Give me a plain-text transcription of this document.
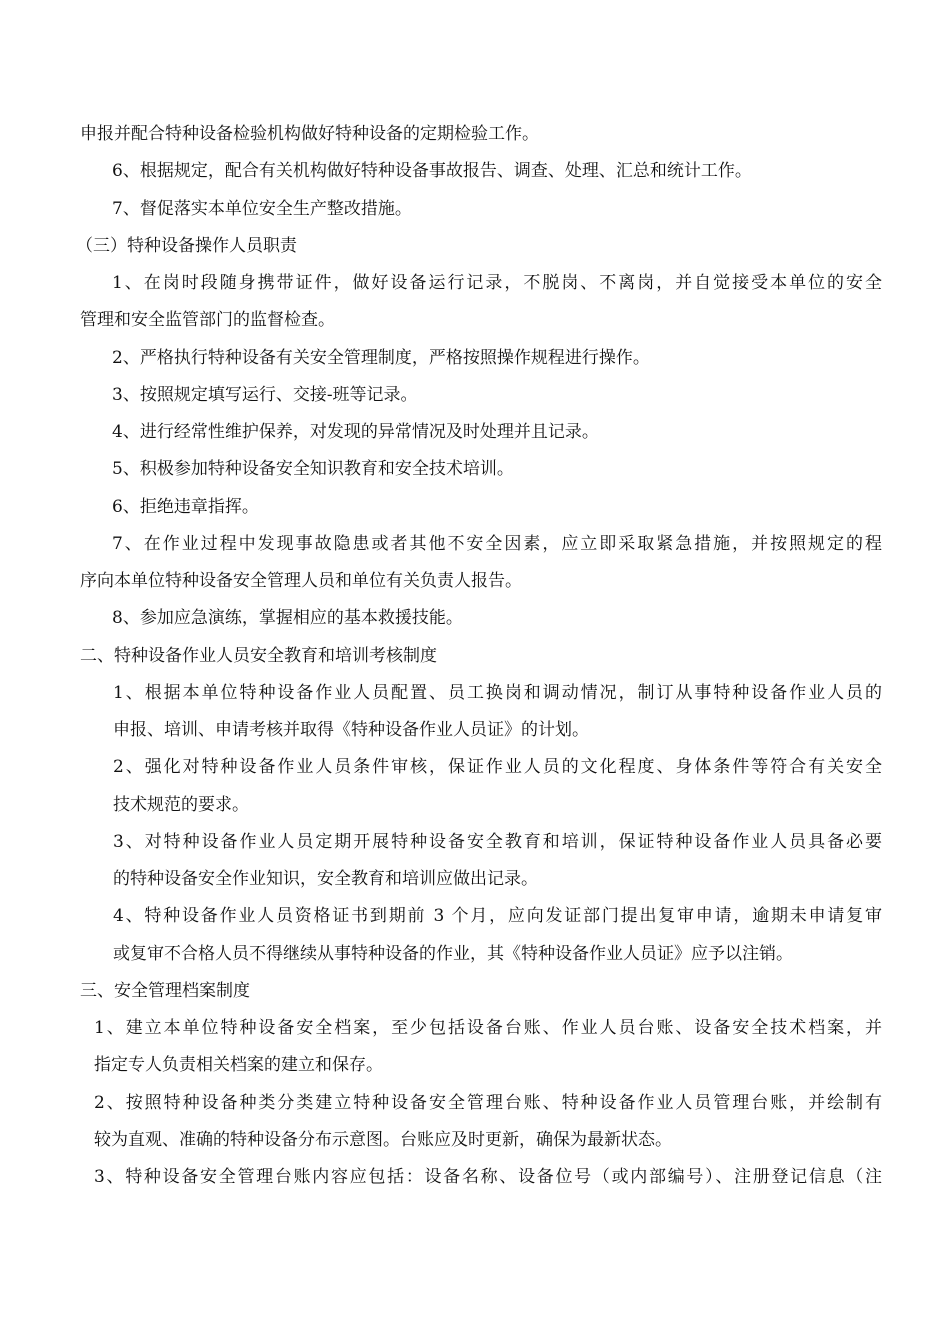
申报并配合特种设备检验机构做好特种设备的定期检验工作。
6、根据规定，配合有关机构做好特种设备事故报告、调查、处理、汇总和统计工作。
7、督促落实本单位安全生产整改措施。
（三）特种设备操作人员职责
1、在岗时段随身携带证件，做好设备运行记录，不脱岗、不离岗，并自觉接受本单位的安全
管理和安全监管部门的监督检查。
2、严格执行特种设备有关安全管理制度，严格按照操作规程进行操作。
3、按照规定填写运行、交接-班等记录。
4、进行经常性维护保养，对发现的异常情况及时处理并且记录。
5、积极参加特种设备安全知识教育和安全技术培训。
6、拒绝违章指挥。
7、在作业过程中发现事故隐患或者其他不安全因素，应立即采取紧急措施，并按照规定的程
序向本单位特种设备安全管理人员和单位有关负责人报告。
8、参加应急演练，掌握相应的基本救援技能。
二、特种设备作业人员安全教育和培训考核制度
1、根据本单位特种设备作业人员配置、员工换岗和调动情况，制订从事特种设备作业人员的
申报、培训、申请考核并取得《特种设备作业人员证》的计划。
2、强化对特种设备作业人员条件审核，保证作业人员的文化程度、身体条件等符合有关安全
技术规范的要求。
3、对特种设备作业人员定期开展特种设备安全教育和培训，保证特种设备作业人员具备必要
的特种设备安全作业知识，安全教育和培训应做出记录。
4、特种设备作业人员资格证书到期前 3 个月，应向发证部门提出复审申请，逾期未申请复审
或复审不合格人员不得继续从事特种设备的作业，其《特种设备作业人员证》应予以注销。
三、安全管理档案制度
1、建立本单位特种设备安全档案，至少包括设备台账、作业人员台账、设备安全技术档案，并
指定专人负责相关档案的建立和保存。
2、按照特种设备种类分类建立特种设备安全管理台账、特种设备作业人员管理台账，并绘制有
较为直观、准确的特种设备分布示意图。台账应及时更新，确保为最新状态。
3、特种设备安全管理台账内容应包括：设备名称、设备位号（或内部编号）、注册登记信息（注
